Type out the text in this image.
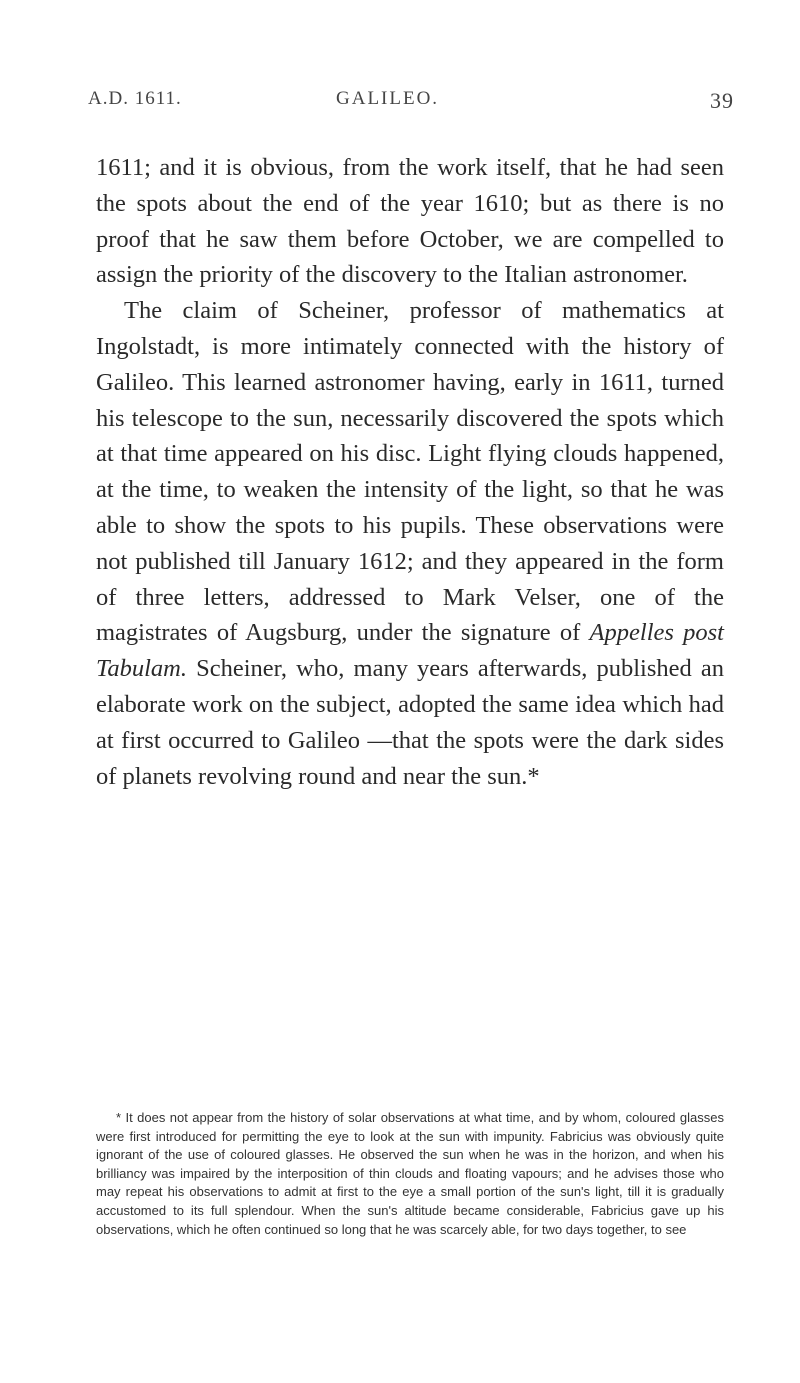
A.D. 1611.	GALILEO.	39

1611; and it is obvious, from the work itself, that he had seen the spots about the end of the year 1610; but as there is no proof that he saw them before October, we are compelled to assign the priority of the discovery to the Italian astronomer.

The claim of Scheiner, professor of mathematics at Ingolstadt, is more intimately connected with the history of Galileo. This learned astronomer having, early in 1611, turned his telescope to the sun, necessarily discovered the spots which at that time appeared on his disc. Light flying clouds happened, at the time, to weaken the intensity of the light, so that he was able to show the spots to his pupils. These observations were not published till January 1612; and they appeared in the form of three letters, addressed to Mark Velser, one of the magistrates of Augsburg, under the signature of Appelles post Tabulam. Scheiner, who, many years afterwards, published an elaborate work on the subject, adopted the same idea which had at first occurred to Galileo —that the spots were the dark sides of planets revolving round and near the sun.*

* It does not appear from the history of solar observations at what time, and by whom, coloured glasses were first introduced for permitting the eye to look at the sun with impunity. Fabricius was obviously quite ignorant of the use of coloured glasses. He observed the sun when he was in the horizon, and when his brilliancy was impaired by the interposition of thin clouds and floating vapours; and he advises those who may repeat his observations to admit at first to the eye a small portion of the sun's light, till it is gradually accustomed to its full splendour. When the sun's altitude became considerable, Fabricius gave up his observations, which he often continued so long that he was scarcely able, for two days together, to see
